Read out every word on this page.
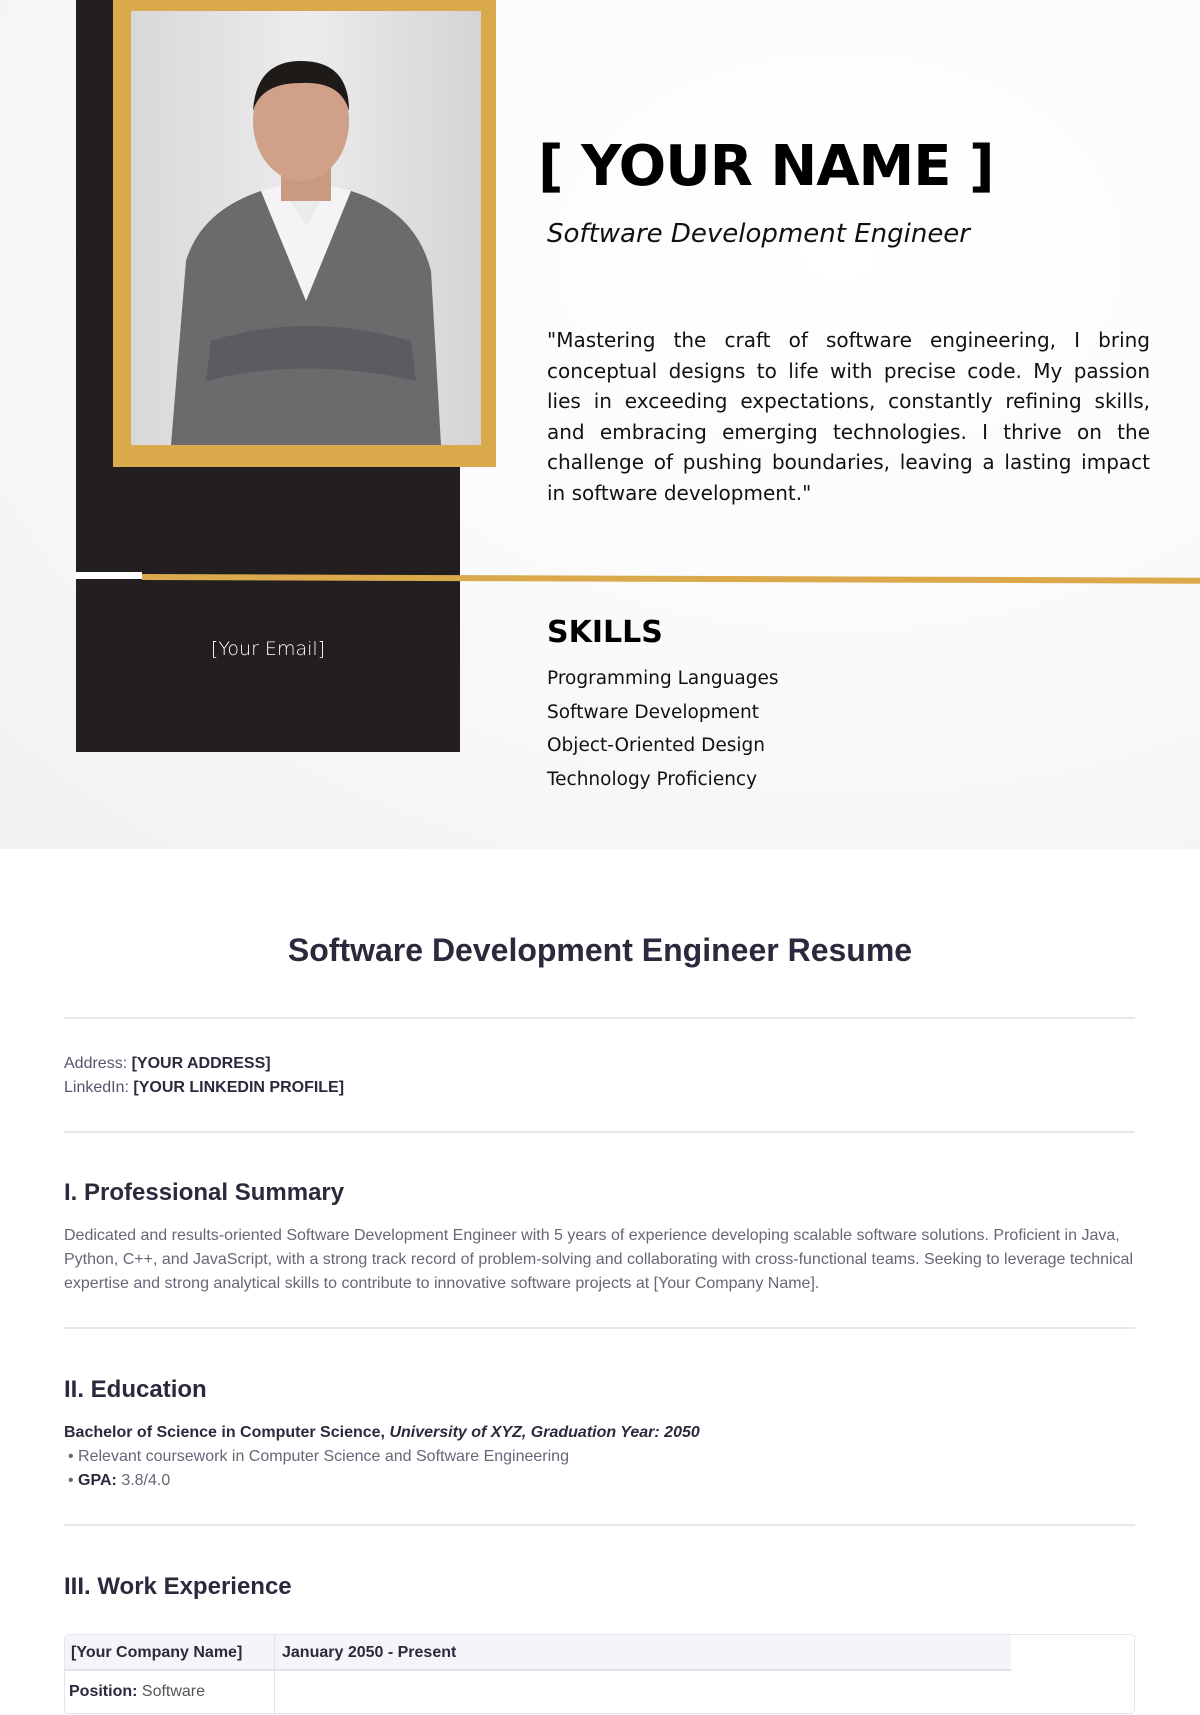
[Your Email]
[ YOUR NAME ]
Software Development Engineer
"Mastering the craft of software engineering, I bring conceptual designs to life with precise code. My passion lies in exceeding expectations, constantly refining skills, and embracing emerging technologies. I thrive on the challenge of pushing boundaries, leaving a lasting impact in software development."
SKILLS
Programming Languages
Software Development
Object-Oriented Design
Technology Proficiency
Software Development Engineer Resume
Address: [YOUR ADDRESS]
LinkedIn: [YOUR LINKEDIN PROFILE]
I. Professional Summary
Dedicated and results-oriented Software Development Engineer with 5 years of experience developing scalable software solutions. Proficient in Java, Python, C++, and JavaScript, with a strong track record of problem-solving and collaborating with cross-functional teams. Seeking to leverage technical expertise and strong analytical skills to contribute to innovative software projects at [Your Company Name].
II. Education
Bachelor of Science in Computer Science, University of XYZ, Graduation Year: 2050
• Relevant coursework in Computer Science and Software Engineering
• GPA: 3.8/4.0
III. Work Experience
[Your Company Name] January 2050 - Present
Position: Software
